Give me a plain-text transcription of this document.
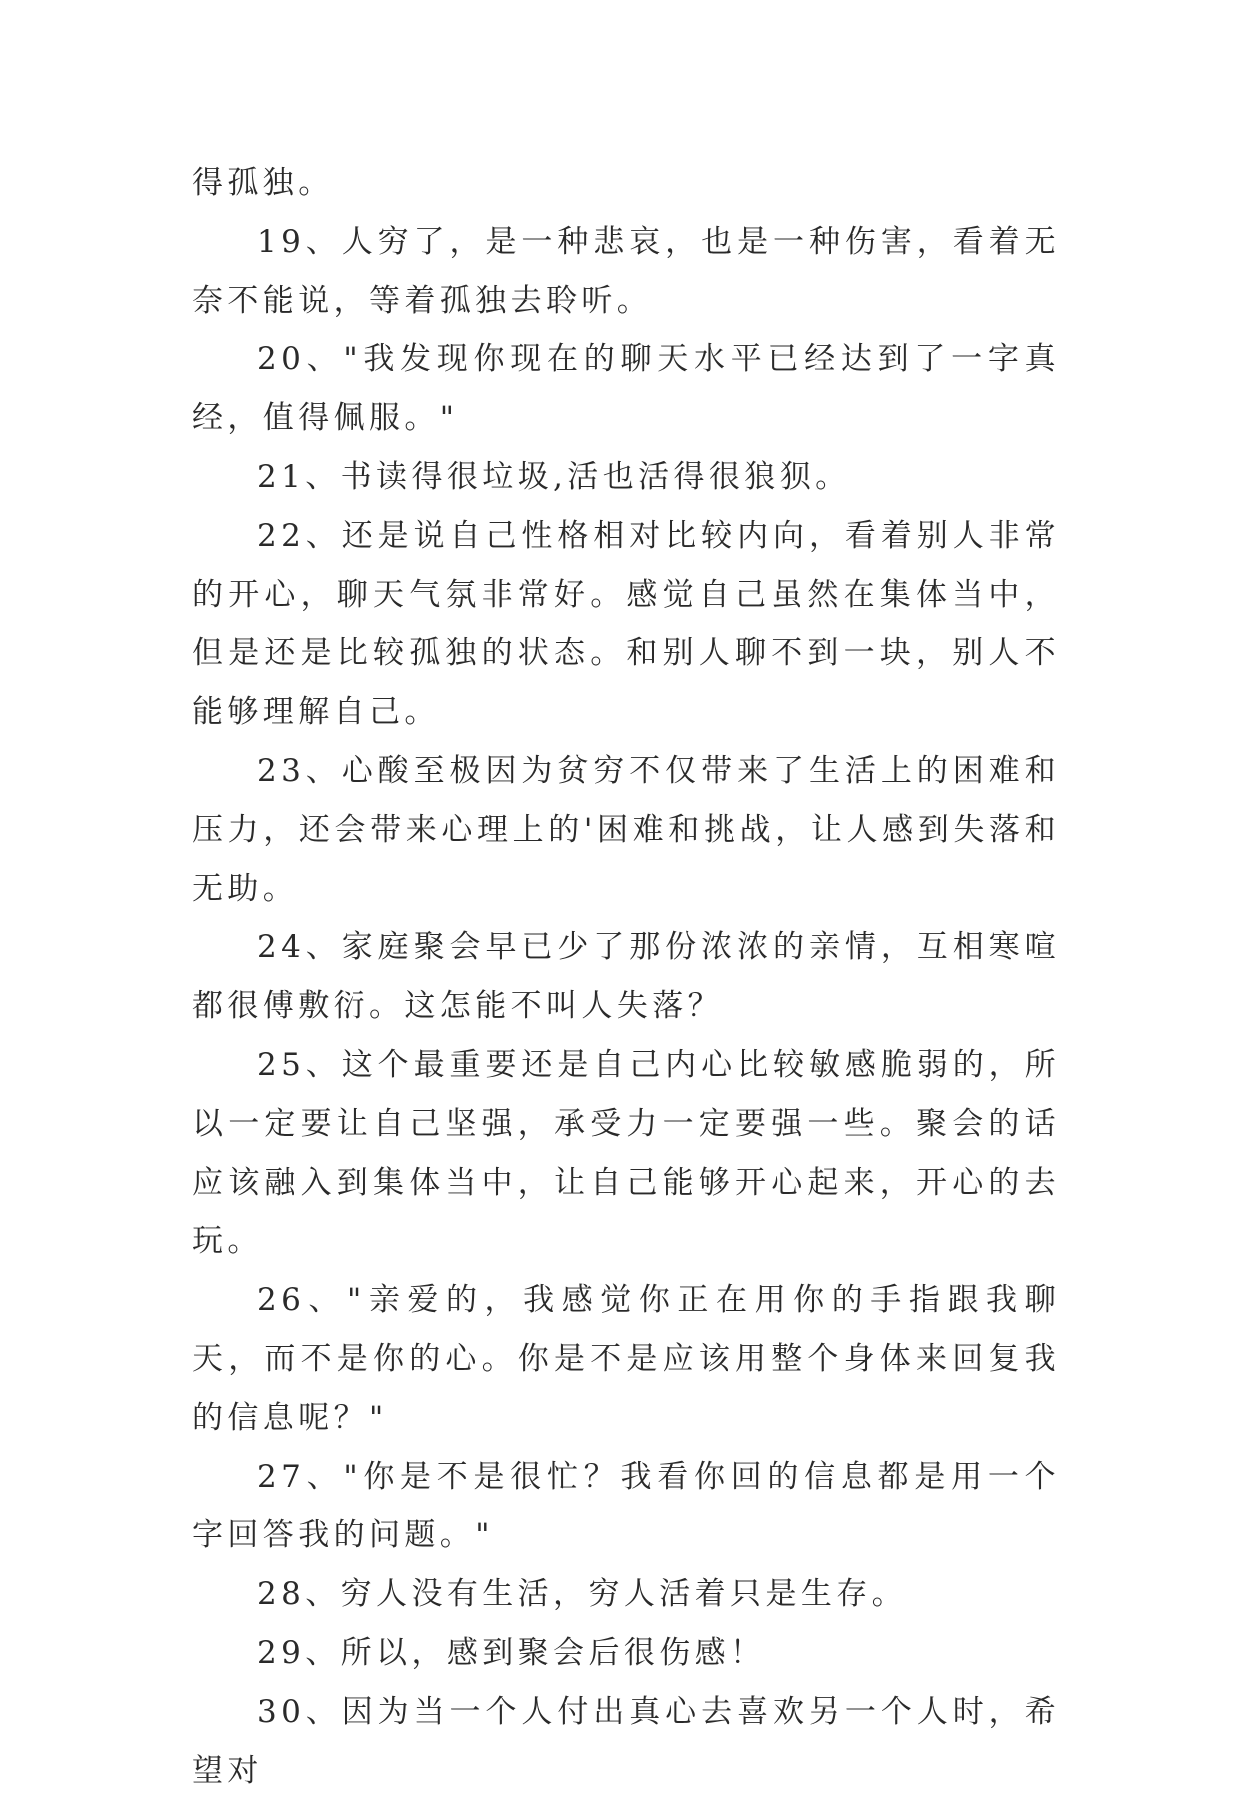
得孤独。

19、人穷了，是一种悲哀，也是一种伤害，看着无奈不能说，等着孤独去聆听。

20、"我发现你现在的聊天水平已经达到了一字真经，值得佩服。"

21、书读得很垃圾,活也活得很狼狈。

22、还是说自己性格相对比较内向，看着别人非常的开心，聊天气氛非常好。感觉自己虽然在集体当中，但是还是比较孤独的状态。和别人聊不到一块，别人不能够理解自己。

23、心酸至极因为贫穷不仅带来了生活上的困难和压力，还会带来心理上的'困难和挑战，让人感到失落和无助。

24、家庭聚会早已少了那份浓浓的亲情，互相寒喧都很傅敷衍。这怎能不叫人失落？

25、这个最重要还是自己内心比较敏感脆弱的，所以一定要让自己坚强，承受力一定要强一些。聚会的话应该融入到集体当中，让自己能够开心起来，开心的去玩。

26、"亲爱的，我感觉你正在用你的手指跟我聊天，而不是你的心。你是不是应该用整个身体来回复我的信息呢？"

27、"你是不是很忙？我看你回的信息都是用一个字回答我的问题。"

28、穷人没有生活，穷人活着只是生存。

29、所以，感到聚会后很伤感！

30、因为当一个人付出真心去喜欢另一个人时，希望对
